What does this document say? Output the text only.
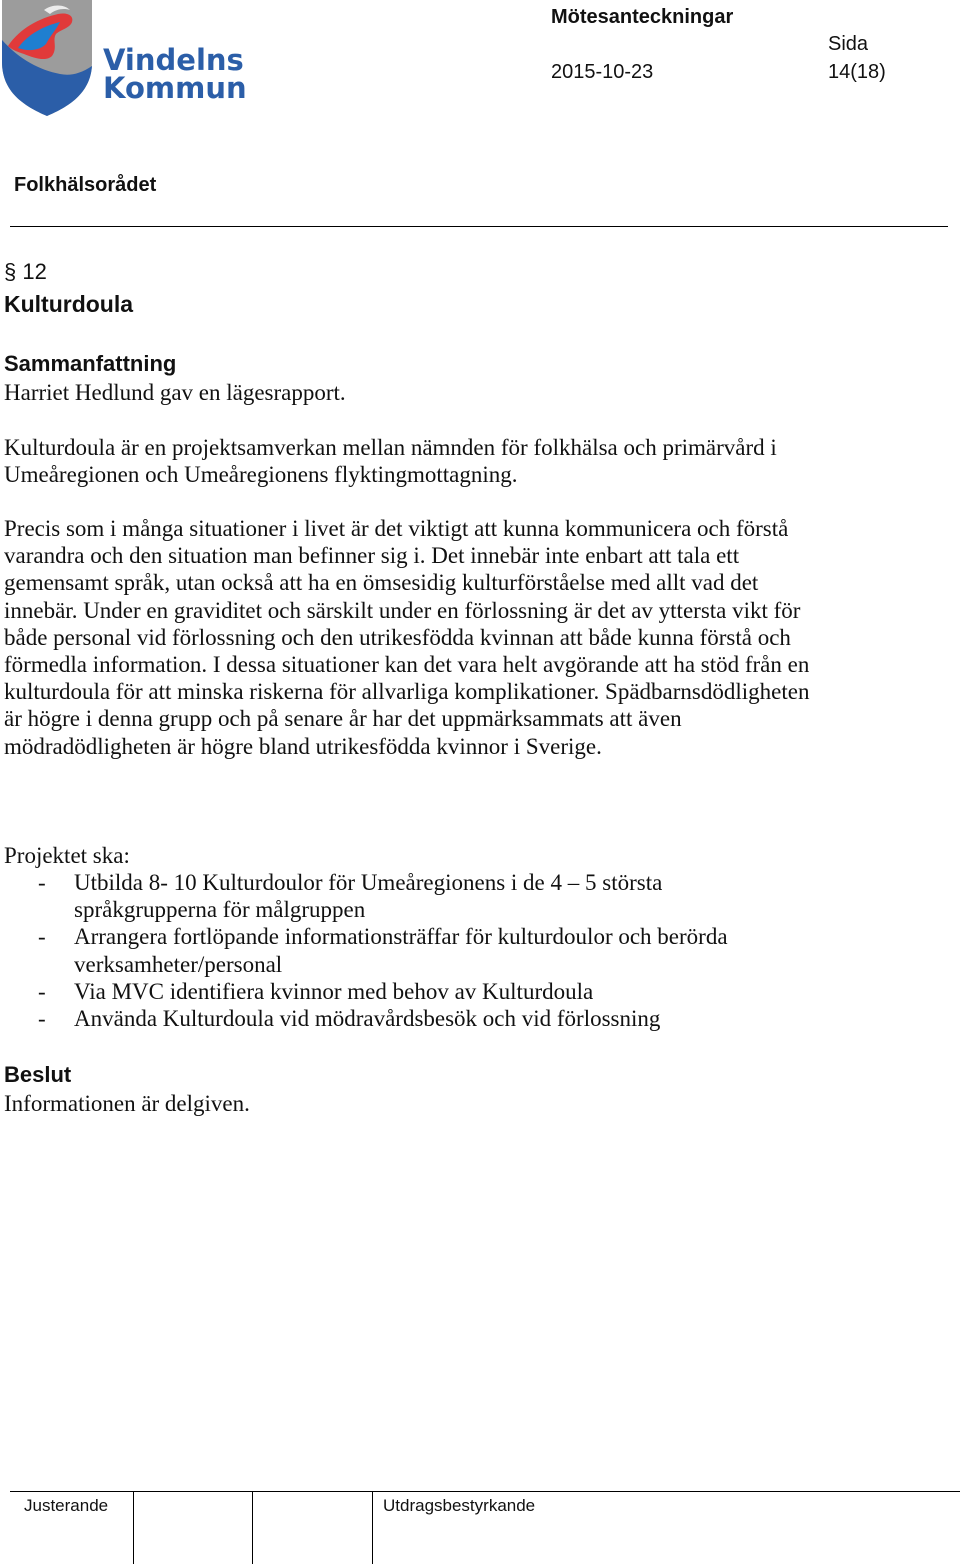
Vindelns
Kommun
Mötesanteckningar
Sida
2015-10-23	14(18)
Folkhälsorådet
§ 12
Kulturdoula
Sammanfattning

Harriet Hedlund gav en lägesrapport.

Kulturdoula är en projektsamverkan mellan nämnden för folkhälsa och primärvård i Umeåregionen och Umeåregionens flyktingmottagning.

Precis som i många situationer i livet är det viktigt att kunna kommunicera och förstå varandra och den situation man befinner sig i. Det innebär inte enbart att tala ett gemensamt språk, utan också att ha en ömsesidig kulturförståelse med allt vad det innebär. Under en graviditet och särskilt under en förlossning är det av yttersta vikt för både personal vid förlossning och den utrikesfödda kvinnan att både kunna förstå och förmedla information. I dessa situationer kan det vara helt avgörande att ha stöd från en kulturdoula för att minska riskerna för allvarliga komplikationer. Spädbarnsdödligheten är högre i denna grupp och på senare år har det uppmärksammats att även mödradödligheten är högre bland utrikesfödda kvinnor i Sverige.

Projektet ska:

- Utbilda 8- 10 Kulturdoulor för Umeåregionens i de 4 – 5 största språkgrupperna för målgruppen
- Arrangera fortlöpande informationsträffar för kulturdoulor och berörda verksamheter/personal
- Via MVC identifiera kvinnor med behov av Kulturdoula
- Använda Kulturdoula vid mödravårdsbesök och vid förlossning
Beslut

Informationen är delgiven.

Justerande	Utdragsbestyrkande
